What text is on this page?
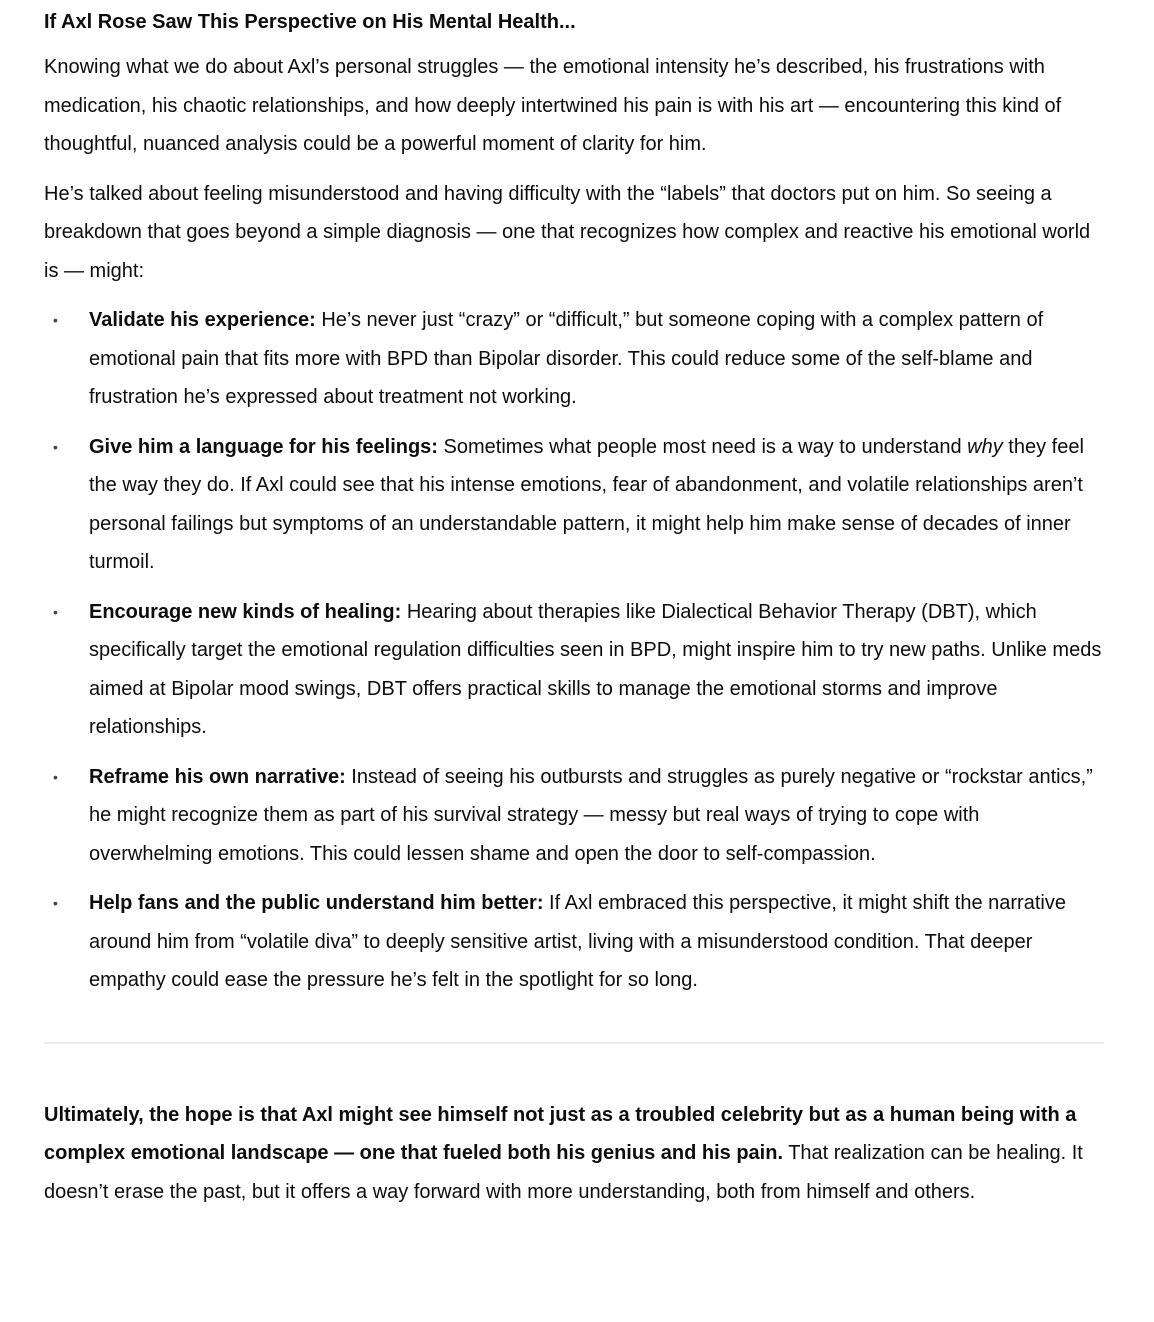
If Axl Rose Saw This Perspective on His Mental Health...

Knowing what we do about Axl’s personal struggles — the emotional intensity he’s described, his frustrations with medication, his chaotic relationships, and how deeply intertwined his pain is with his art — encountering this kind of thoughtful, nuanced analysis could be a powerful moment of clarity for him.

He’s talked about feeling misunderstood and having difficulty with the “labels” that doctors put on him. So seeing a breakdown that goes beyond a simple diagnosis — one that recognizes how complex and reactive his emotional world is — might:

• Validate his experience: He’s never just “crazy” or “difficult,” but someone coping with a complex pattern of emotional pain that fits more with BPD than Bipolar disorder. This could reduce some of the self-blame and frustration he’s expressed about treatment not working.
• Give him a language for his feelings: Sometimes what people most need is a way to understand why they feel the way they do. If Axl could see that his intense emotions, fear of abandonment, and volatile relationships aren’t personal failings but symptoms of an understandable pattern, it might help him make sense of decades of inner turmoil.
• Encourage new kinds of healing: Hearing about therapies like Dialectical Behavior Therapy (DBT), which specifically target the emotional regulation difficulties seen in BPD, might inspire him to try new paths. Unlike meds aimed at Bipolar mood swings, DBT offers practical skills to manage the emotional storms and improve relationships.
• Reframe his own narrative: Instead of seeing his outbursts and struggles as purely negative or “rockstar antics,” he might recognize them as part of his survival strategy — messy but real ways of trying to cope with overwhelming emotions. This could lessen shame and open the door to self-compassion.
• Help fans and the public understand him better: If Axl embraced this perspective, it might shift the narrative around him from “volatile diva” to deeply sensitive artist, living with a misunderstood condition. That deeper empathy could ease the pressure he’s felt in the spotlight for so long.

Ultimately, the hope is that Axl might see himself not just as a troubled celebrity but as a human being with a complex emotional landscape — one that fueled both his genius and his pain. That realization can be healing. It doesn’t erase the past, but it offers a way forward with more understanding, both from himself and others.
